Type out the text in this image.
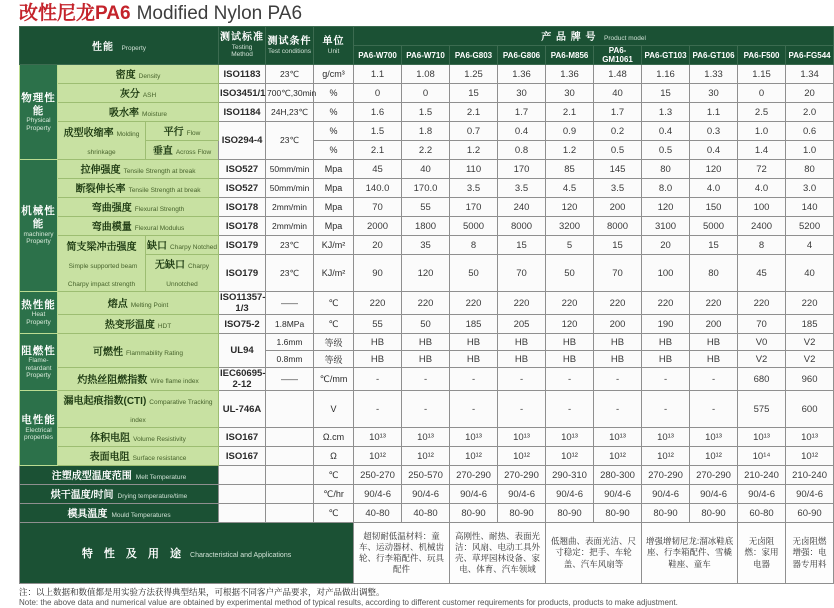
改性尼龙PA6 Modified Nylon PA6
性能 Property			测试标准
Testing Method	测试条件
Test conditions	单位
Unit	产 品 牌 号 Product model									
						PA6-W700	PA6-W710	PA6-G803	PA6-G806	PA6-M856	PA6-GM1061	PA6-GT103	PA6-GT106	PA6-F500	PA6-FG544

物理性能
Physical Property	密度 Density		ISO1183	23℃	g/cm³	1.1	1.08	1.25	1.36	1.36	1.48	1.16	1.33	1.15	1.34
	灰分 ASH		ISO3451/1	700℃,30min	%	0	0	15	30	30	40	15	30	0	20
	吸水率 Moisture		ISO1184	24H,23℃	%	1.6	1.5	2.1	1.7	2.1	1.7	1.3	1.1	2.5	2.0
	成型收缩率 Molding shrinkage	平行 Flow	ISO294-4	23℃	%	1.5	1.8	0.7	0.4	0.9	0.2	0.4	0.3	1.0	0.6
		垂直 Across Flow			%	2.1	2.2	1.2	0.8	1.2	0.5	0.5	0.4	1.4	1.0

机械性能
machinery Property	拉伸强度 Tensile Strength at break		ISO527	50mm/min	Mpa	45	40	110	170	85	145	80	120	72	80
	断裂伸长率 Tensile Strength at break		ISO527	50mm/min	Mpa	140.0	170.0	3.5	3.5	4.5	3.5	8.0	4.0	4.0	3.0
	弯曲强度 Flexural Strength		ISO178	2mm/min	Mpa	70	55	170	240	120	200	120	150	100	140
	弯曲模量 Flexural Modulus		ISO178	2mm/min	Mpa	2000	1800	5000	8000	3200	8000	3100	5000	2400	5200
	简支梁冲击强度Simple supported beam Charpy impact strength	缺口 Charpy Notched	ISO179	23℃	KJ/m²	20	35	8	15	5	15	20	15	8	4
		无缺口 Charpy Unnotched	ISO179	23℃	KJ/m²	90	120	50	70	50	70	100	80	45	40

热性能
Heat Property	熔点 Melting Point		ISO11357-1/3	——	℃	220	220	220	220	220	220	220	220	220	220
	热变形温度 HDT		ISO75-2	1.8MPa	℃	55	50	185	205	120	200	190	200	70	185

阻燃性
Flame-retardant Property	可燃性 Flammability Rating		UL94	1.6mm	等级	HB	HB	HB	HB	HB	HB	HB	HB	V0	V2
				0.8mm	等级	HB	HB	HB	HB	HB	HB	HB	HB	V2	V2
	灼热丝阻燃指数 Wire flame index		IEC60695-2-12	——	℃/mm	-	-	-	-	-	-	-	-	680	960

电性能
Electrical properties	漏电起痕指数(CTI) Comparative Tracking index		UL-746A		V	-	-	-	-	-	-	-	-	575	600
	体积电阻 Volume Resistivity		ISO167		Ω.cm	10¹³	10¹³	10¹³	10¹³	10¹³	10¹³	10¹³	10¹³	10¹³	10¹³
	表面电阻 Surface resistance		ISO167		Ω	10¹²	10¹²	10¹²	10¹²	10¹²	10¹²	10¹²	10¹²	10¹⁴	10¹²
注塑成型温度范围 Melt Temperature					℃	250-270	250-570	270-290	270-290	290-310	280-300	270-290	270-290	210-240	210-240
烘干温度/时间 Drying temperature/time					℃/hr	90/4-6	90/4-6	90/4-6	90/4-6	90/4-6	90/4-6	90/4-6	90/4-6	90/4-6	90/4-6
模具温度 Mould Temperatures					℃	40-80	40-80	80-90	80-90	80-90	80-90	80-90	80-90	60-80	60-90
特 性 及 用 途 Characteristical and Applications						超韧耐低温材料：童车、运动器材、机械齿轮、行李箱配件、玩具配件		高刚性、耐热、表面光洁：风扇、电动工具外壳、草坪园林设备、家电、体育、汽车领域		低翘曲、表面光洁、尺寸稳定：把手、车轮盖、汽车风扇等		增强增韧尼龙:溜冰鞋底座、行李箱配件、雪橇鞋座、童车		无卤阻燃：家用电器	无卤阻燃增强：电器专用料
注：以上数据和数值都是用实验方法获得典型结果，可根据不同客户产品要求，对产品做出调整。
Note: the above data and numerical value are obtained by experimental method of typical results, according to different customer requirements for products, products to make adjustment.
